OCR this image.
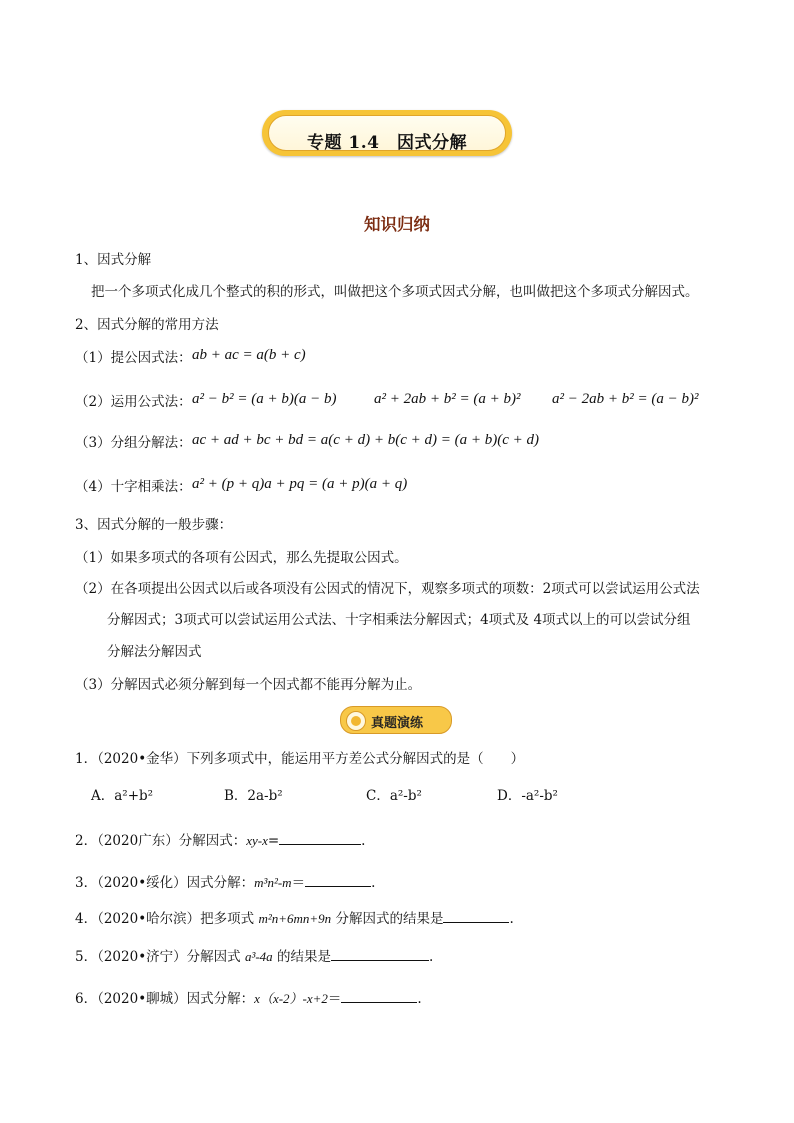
专题 1.4　因式分解
知识归纳
1、因式分解
把一个多项式化成几个整式的积的形式，叫做把这个多项式因式分解，也叫做把这个多项式分解因式。
2、因式分解的常用方法
（1）提公因式法： ab + ac = a(b + c)
（2）运用公式法： a² − b² = (a + b)(a − b)	a² + 2ab + b² = (a + b)² a² − 2ab + b² = (a − b)²
（3）分组分解法： ac + ad + bc + bd = a(c + d) + b(c + d) = (a + b)(c + d)
（4）十字相乘法： a² + (p + q)a + pq = (a + p)(a + q)
3、因式分解的一般步骤：
（1）如果多项式的各项有公因式，那么先提取公因式。
（2）在各项提出公因式以后或各项没有公因式的情况下，观察多项式的项数：2项式可以尝试运用公式法
分解因式；3项式可以尝试运用公式法、十字相乘法分解因式；4项式及 4项式以上的可以尝试分组
分解法分解因式
（3）分解因式必须分解到每一个因式都不能再分解为止。
真题演练
1．（2020•金华）下列多项式中，能运用平方差公式分解因式的是（　　）
A．a²+b²	B．2a-b²	C．a²-b²	D．-a²-b²
2．（2020广东）分解因式：xy-x=	.
3．（2020•绥化）因式分解：m³n²-m＝	.
4．（2020•哈尔滨）把多项式 m²n+6mn+9n 分解因式的结果是	.
5．（2020•济宁）分解因式 a³-4a 的结果是	.
6．（2020•聊城）因式分解：x（x-2）-x+2＝	.
